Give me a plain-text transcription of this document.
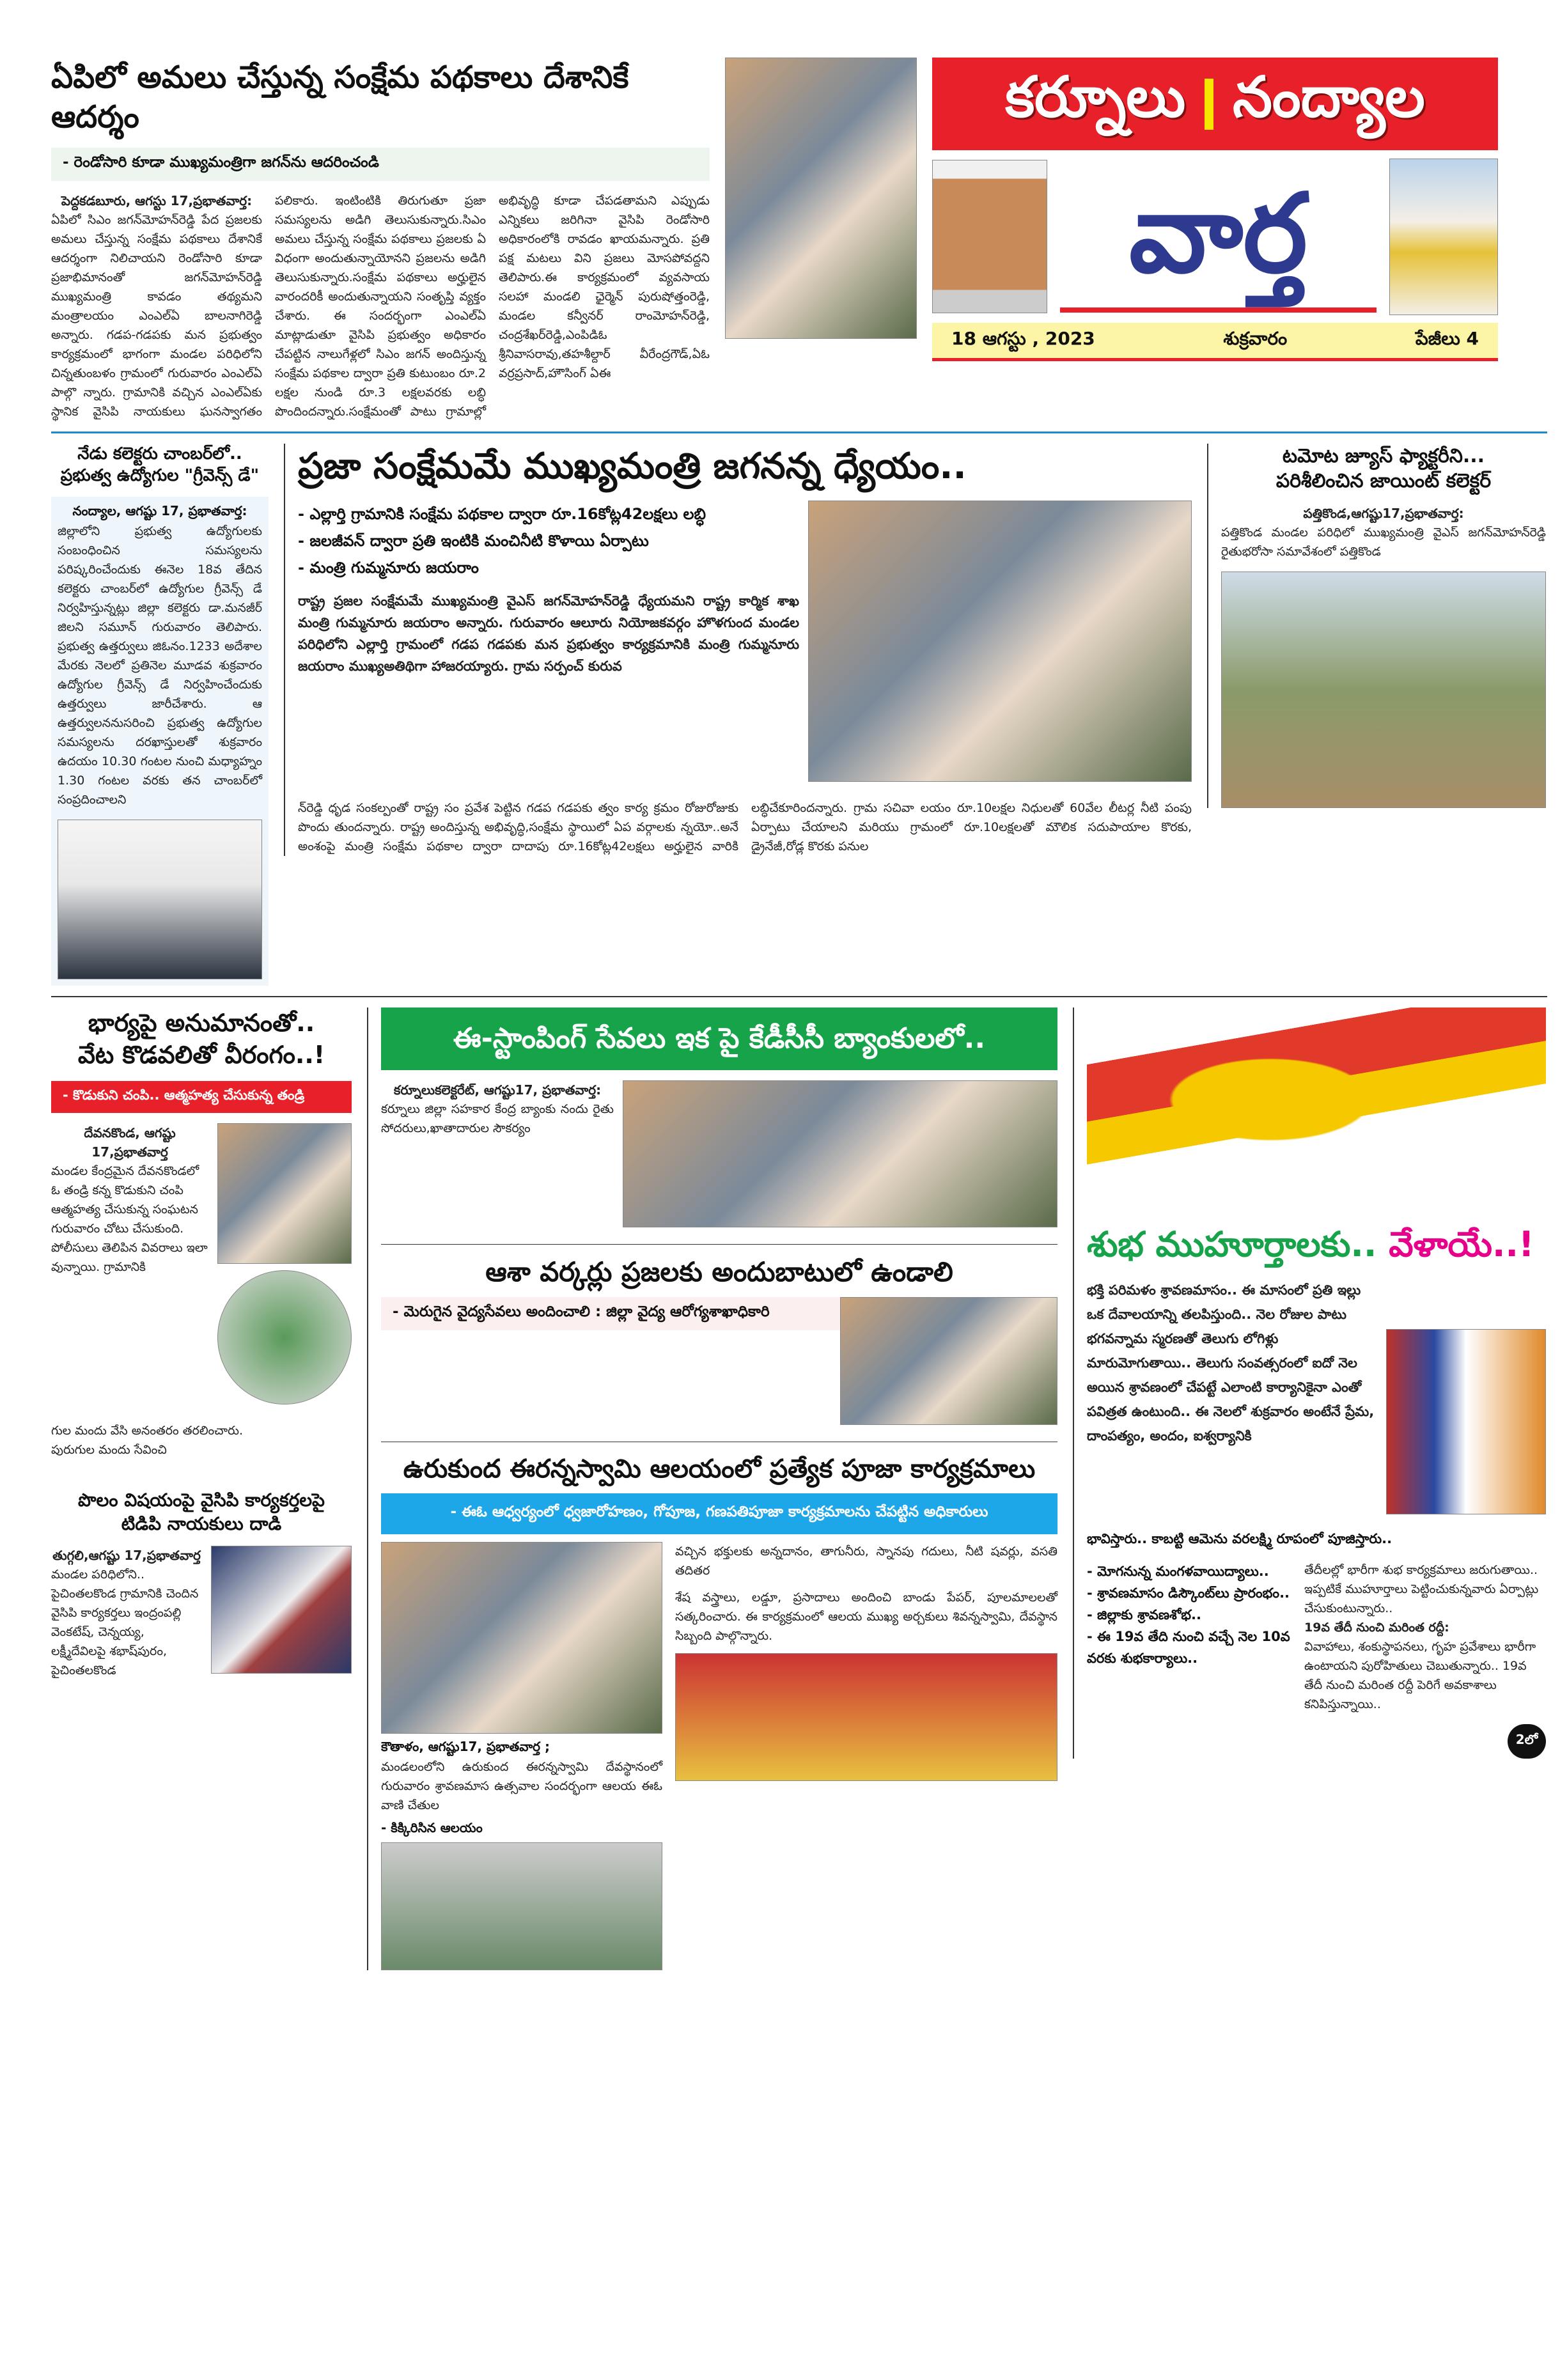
ఏపిలో అమలు చేస్తున్న సంక్షేమ పథకాలు దేశానికే ఆదర్శం
- రెండోసారి కూడా ముఖ్యమంత్రిగా జగన్‌ను ఆదరించండి
పెద్దకడబూరు, ఆగస్టు 17,ప్రభాతవార్త:
ఏపిలో సిఎం జగన్‌మోహన్‌రెడ్డి పేద ప్రజలకు అమలు చేస్తున్న సంక్షేమ పథకాలు దేశానికే ఆదర్శంగా నిలిచాయని రెండోసారి కూడా ప్రజాభిమానంతో జగన్‌మోహన్‌రెడ్డి ముఖ్యమంత్రి కావడం తథ్యమని మంత్రాలయం ఎంఎల్‌ఏ బాలనాగిరెడ్డి అన్నారు. గడప-గడపకు మన ప్రభుత్వం కార్యక్రమంలో భాగంగా మండల పరిధిలోని చిన్నతుంబళం గ్రామంలో గురువారం ఎంఎల్‌ఏ పాల్గొ న్నారు. గ్రామానికి వచ్చిన ఎంఎల్‌ఏకు స్థానిక వైసిపి నాయకులు ఘనస్వాగతం పలికారు. ఇంటింటికి తిరుగుతూ ప్రజా సమస్యలను అడిగి తెలుసుకున్నారు.సిఎం అమలు చేస్తున్న సంక్షేమ పథకాలు ప్రజలకు ఏ విధంగా అందుతున్నాయోనని ప్రజలను అడిగి తెలుసుకున్నారు.సంక్షేమ పథకాలు అర్హులైన వారందరికీ అందుతున్నాయని సంతృప్తి వ్యక్తం చేశారు. ఈ సందర్భంగా ఎంఎల్‌ఏ మాట్లాడుతూ వైసిపి ప్రభుత్వం అధికారం చేపట్టిన నాలుగేళ్లలో సిఎం జగన్ అందిస్తున్న సంక్షేమ పథకాల ద్వారా ప్రతి కుటుంబం రూ.2 లక్షల నుండి రూ.3 లక్షలవరకు లబ్ధి పొందిందన్నారు.సంక్షేమంతో పాటు గ్రామాల్లో అభివృద్ధి కూడా చేపడతామని ఎప్పుడు ఎన్నికలు జరిగినా వైసిపి రెండోసారి అధికారంలోకి రావడం ఖాయమన్నారు. ప్రతి పక్ష మటలు విని ప్రజలు మోసపోవద్దని తెలిపారు.ఈ కార్యక్రమంలో వ్యవసాయ సలహా మండలి ఛైర్మెన్ పురుషోత్తంరెడ్డి, మండల కన్వీనర్ రాంమోహన్‌రెడ్డి, చంద్రశేఖర్‌రెడ్డి,ఎంపిడిఓ శ్రీనివాసరావు,తహశీల్దార్ వీరేంద్రగౌడ్,ఏఓ వర్రప్రసాద్,హౌసింగ్ ఏఈ
కర్నూలు నంద్యాల
వార్త
18 ఆగస్టు , 2023	శుక్రవారం	పేజీలు 4
నేడు కలెక్టరు చాంబర్‌లో..
ప్రభుత్వ ఉద్యోగుల "గ్రీవెన్స్ డే"
నంద్యాల, ఆగష్టు 17, ప్రభాతవార్త:
జిల్లాలోని ప్రభుత్వ ఉద్యోగులకు సంబంధించిన సమస్యలను పరిష్కరించేందుకు ఈనెల 18వ తేదిన కలెక్టరు చాంబర్‌లో ఉద్యోగుల గ్రీవెన్స్ డే నిర్వహిస్తున్నట్లు జిల్లా కలెక్టరు డా.మనజీర్ జిలని సమూన్ గురువారం తెలిపారు. ప్రభుత్వ ఉత్తర్వులు జిఓనం.1233 అదేశాల మేరకు నెలలో ప్రతినెల మూడవ శుక్రవారం ఉద్యోగుల గ్రీవెన్స్ డే నిర్వహించేందుకు ఉత్తర్వులు జారీచేశారు. ఆ ఉత్తర్వులననుసరించి ప్రభుత్వ ఉద్యోగుల సమస్యలను దరఖాస్తులతో శుక్రవారం ఉదయం 10.30 గంటల నుంచి మధ్యాహ్నం 1.30 గంటల వరకు తన చాంబర్‌లో సంప్రదించాలని
ప్రజా సంక్షేమమే ముఖ్యమంత్రి జగనన్న ధ్యేయం..
- ఎల్లార్తి గ్రామానికి సంక్షేమ పథకాల ద్వారా రూ.16కోట్ల42లక్షలు లబ్ధి
- జలజీవన్ ద్వారా ప్రతి ఇంటికి మంచినీటి కొళాయి ఏర్పాటు
- మంత్రి గుమ్మనూరు జయరాం
రాష్ట్ర ప్రజల సంక్షేమమే ముఖ్యమంత్రి వైఎస్ జగన్‌మోహన్‌రెడ్డి ధ్యేయమని రాష్ట్ర కార్మిక శాఖ మంత్రి గుమ్మనూరు జయరాం అన్నారు. గురువారం ఆలూరు నియోజకవర్గం హొళగుంద మండల పరిధిలోని ఎల్లార్తి గ్రామంలో గడప గడపకు మన ప్రభుత్వం కార్యక్రమానికి మంత్రి గుమ్మనూరు జయరాం ముఖ్యఅతిథిగా హాజరయ్యారు. గ్రామ సర్పంచ్ కురువ
న్‌రెడ్డి ధృడ సంకల్పంతో రాష్ట్ర సం ప్రవేశ పెట్టిన గడప గడపకు త్వం కార్య క్రమం రోజురోజుకు పొందు తుందన్నారు. రాష్ట్ర అందిస్తున్న అభివృద్ధి,సంక్షేమ స్థాయిలో ఏప వర్గాలకు న్నయో..అనే అంశంపై మంత్రి సంక్షేమ పథకాల ద్వారా దాదాపు రూ.16కోట్ల42లక్షలు అర్హులైన వారికి లబ్ధిచేకూరిందన్నారు. గ్రామ సచివా లయం రూ.10లక్షల నిధులతో 60వేల లీటర్ల నీటి పంపు ఏర్పాటు చేయాలని మరియు గ్రామంలో రూ.10లక్షలతో మౌలిక సదుపాయాల కొరకు, డ్రైనేజీ,రోడ్ల కొరకు పనుల
టమోట జ్యూస్ ఫ్యాక్టరీని...
పరిశీలించిన జాయింట్ కలెక్టర్
పత్తికొండ,ఆగష్టు17,ప్రభాతవార్త:
పత్తికొండ మండల పరిధిలో ముఖ్యమంత్రి వైఎస్ జగన్‌మోహన్‌రెడ్డి రైతుభరోసా సమావేశంలో పత్తికొండ
భార్యపై అనుమానంతో..
వేట కొడవలితో వీరంగం..!
- కొడుకుని చంపి.. ఆత్మహత్య చేసుకున్న తండ్రి
దేవనకొండ, ఆగష్టు 17,ప్రభాతవార్త
మండల కేంద్రమైన దేవనకొండలో ఓ తండ్రి కన్న కొడుకుని చంపి ఆత్మహత్య చేసుకున్న సంఘటన గురువారం చోటు చేసుకుంది. పోలీసులు తెలిపిన వివరాలు ఇలా వున్నాయి. గ్రామానికి
గుల మందు వేసి అనంతరం తరలించారు.
పురుగుల మందు సేవించి
పొలం విషయంపై వైసిపి కార్యకర్తలపై
టిడిపి నాయకులు దాడి
తుగ్గలి,ఆగష్టు 17,ప్రభాతవార్త
మండల పరిధిలోని.. పైచింతలకొండ గ్రామానికి చెందిన వైసిపి కార్యకర్తలు ఇంద్రంపల్లి వెంకటేష్, చెన్నయ్య, లక్ష్మీదేవిలపై శభాష్‌పురం, పైచింతలకొండ
ఈ-స్టాంపింగ్ సేవలు ఇక పై కేడీసీసీ బ్యాంకులలో..
కర్నూలుకలెక్టరేట్, ఆగష్టు17, ప్రభాతవార్త:
కర్నూలు జిల్లా సహకార కేంద్ర బ్యాంకు నందు రైతు సోదరులు,ఖాతాదారుల సౌకర్యం
ఆశా వర్కర్లు ప్రజలకు అందుబాటులో ఉండాలి
- మెరుగైన వైద్యసేవలు అందించాలి : జిల్లా వైద్య ఆరోగ్యశాఖాధికారి
ఉరుకుంద ఈరన్నస్వామి ఆలయంలో ప్రత్యేక పూజా కార్యక్రమాలు
- ఈఓ ఆధ్వర్యంలో ధ్వజారోహణం, గోపూజ, గణపతిపూజా కార్యక్రమాలను చేపట్టిన అధికారులు
కౌతాళం, ఆగష్టు17, ప్రభాతవార్త ;
మండలంలోని ఉరుకుంద ఈరన్నస్వామి దేవస్థానంలో గురువారం శ్రావణమాస ఉత్సవాల సందర్భంగా ఆలయ ఈఓ వాణి చేతుల
- కిక్కిరిసిన ఆలయం
వచ్చిన భక్తులకు అన్నదానం, తాగునీరు, స్నానపు గదులు, నీటి షవర్లు, వసతి తదితర
శేష వస్త్రాలు, లడ్డూ, ప్రసాదాలు అందించి బాండు పేపర్, పూలమాలలతో సత్కరించారు. ఈ కార్యక్రమంలో ఆలయ ముఖ్య అర్చకులు శివన్నస్వామి, దేవస్థాన సిబ్బంది పాల్గొన్నారు.
శుభ ముహూర్తాలకు.. వేళాయే..!
భక్తి పరిమళం శ్రావణమాసం.. ఈ మాసంలో ప్రతి ఇల్లు ఒక దేవాలయాన్ని తలపిస్తుంది.. నెల రోజుల పాటు భగవన్నామ స్మరణతో తెలుగు లోగిళ్లు మారుమోగుతాయి.. తెలుగు సంవత్సరంలో ఐదో నెల అయిన శ్రావణంలో చేపట్టే ఎలాంటి కార్యానికైనా ఎంతో పవిత్రత ఉంటుంది.. ఈ నెలలో శుక్రవారం అంటేనే ప్రేమ, దాంపత్యం, అందం, ఐశ్వర్యానికి
భావిస్తారు.. కాబట్టి ఆమెను వరలక్ష్మి రూపంలో పూజిస్తారు..
- మోగనున్న మంగళవాయిద్యాలు..
- శ్రావణమాసం డిస్కౌంట్‌లు ప్రారంభం..
- జిల్లాకు శ్రావణశోభ..
- ఈ 19వ తేది నుంచి వచ్చే నెల 10వ వరకు శుభకార్యాలు..
తేదీలల్లో భారీగా శుభ కార్యక్రమాలు జరుగుతాయి.. ఇప్పటికే ముహూర్తాలు పెట్టించుకున్నవారు ఏర్పాట్లు చేసుకుంటున్నారు..
19వ తేదీ నుంచి మరింత రద్దీ:
వివాహాలు, శంకుస్థాపనలు, గృహ ప్రవేశాలు భారీగా ఉంటాయని పురోహితులు చెబుతున్నారు.. 19వ తేదీ నుంచి మరింత రద్దీ పెరిగే అవకాశాలు కనిపిస్తున్నాయి..
2లో
